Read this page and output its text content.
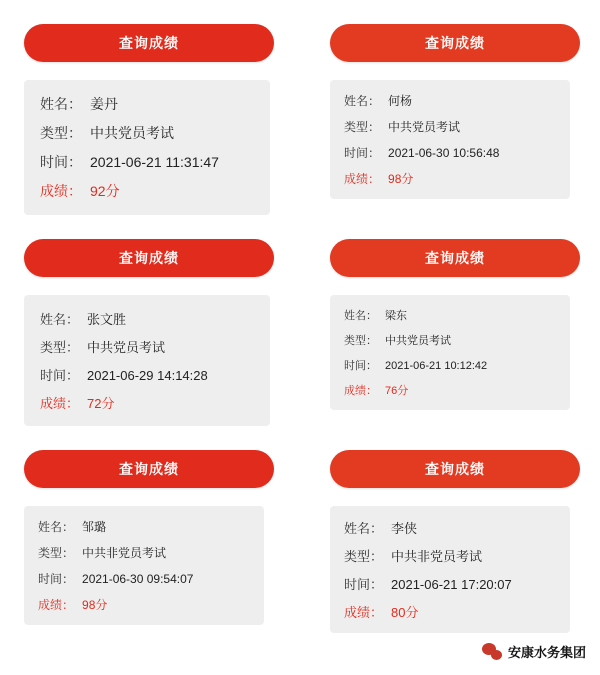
查询成绩
姓名： 姜丹
类型： 中共党员考试
时间： 2021-06-21 11:31:47
成绩： 92分
查询成绩
姓名： 何杨
类型： 中共党员考试
时间： 2021-06-30 10:56:48
成绩： 98分
查询成绩
姓名： 张文胜
类型： 中共党员考试
时间： 2021-06-29 14:14:28
成绩： 72分
查询成绩
姓名： 梁东
类型： 中共党员考试
时间： 2021-06-21 10:12:42
成绩： 76分
查询成绩
姓名： 邹璐
类型： 中共非党员考试
时间： 2021-06-30 09:54:07
成绩： 98分
查询成绩
姓名： 李侠
类型： 中共非党员考试
时间： 2021-06-21 17:20:07
成绩： 80分
安康水务集团
